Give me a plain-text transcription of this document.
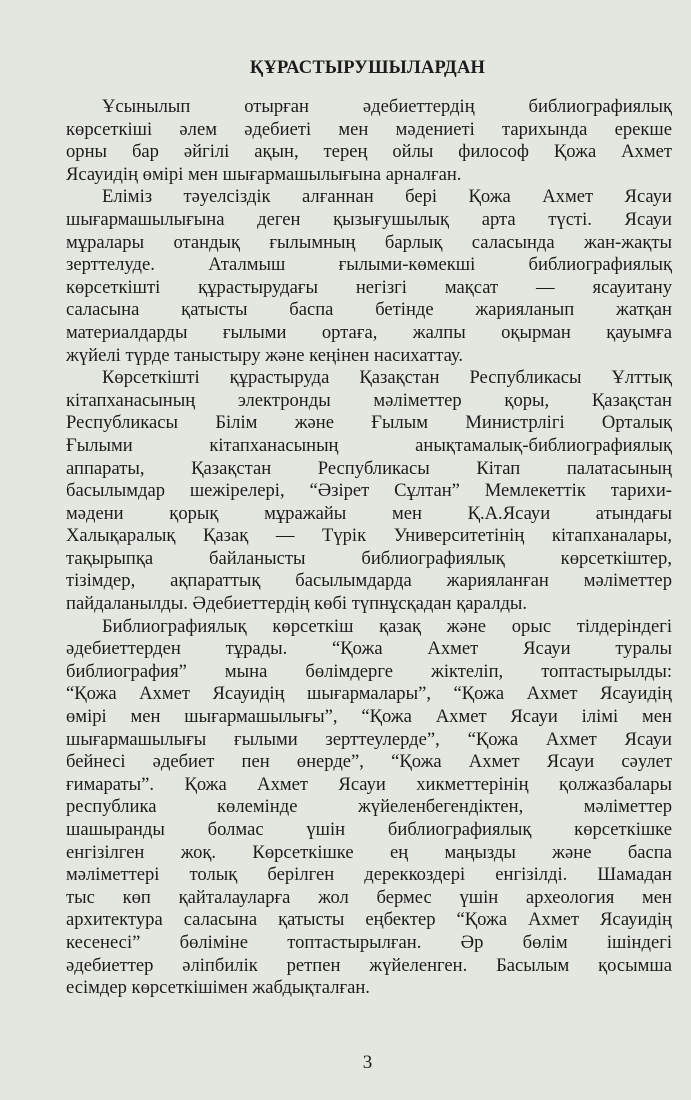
ҚҰРАСТЫРУШЫЛАРДАН
Ұсынылып отырған әдебиеттердің библиографиялық
көрсеткіші әлем әдебиеті мен мәдениеті тарихында ерекше
орны бар әйгілі ақын, терең ойлы философ Қожа Ахмет
Ясауидің өмірі мен шығармашылығына арналған.
Еліміз тәуелсіздік алғаннан бері Қожа Ахмет Ясауи
шығармашылығына деген қызығушылық арта түсті. Ясауи
мұралары отандық ғылымның барлық саласында жан-жақты
зерттелуде. Аталмыш ғылыми-көмекші библиографиялық
көрсеткішті құрастырудағы негізгі мақсат — ясауитану
саласына қатысты баспа бетінде жарияланып жатқан
материалдарды ғылыми ортаға, жалпы оқырман қауымға
жүйелі түрде таныстыру және кеңінен насихаттау.
Көрсеткішті құрастыруда Қазақстан Республикасы Ұлттық
кітапханасының электронды мәліметтер қоры, Қазақстан
Республикасы Білім және Ғылым Министрлігі Орталық
Ғылыми кітапханасының анықтамалық-библиографиялық
аппараты, Қазақстан Республикасы Кітап палатасының
басылымдар шежірелері, “Әзірет Сұлтан” Мемлекеттік тарихи-
мәдени қорық мұражайы мен Қ.А.Ясауи атындағы
Халықаралық Қазақ — Түрік Университетінің кітапханалары,
тақырыпқа байланысты библиографиялық көрсеткіштер,
тізімдер, ақпараттық басылымдарда жарияланған мәліметтер
пайдаланылды. Әдебиеттердің көбі түпнұсқадан қаралды.
Библиографиялық көрсеткіш қазақ және орыс тілдеріндегі
әдебиеттерден тұрады. “Қожа Ахмет Ясауи туралы
библиография” мына бөлімдерге жіктеліп, топтастырылды:
“Қожа Ахмет Ясауидің шығармалары”, “Қожа Ахмет Ясауидің
өмірі мен шығармашылығы”, “Қожа Ахмет Ясауи ілімі мен
шығармашылығы ғылыми зерттеулерде”, “Қожа Ахмет Ясауи
бейнесі әдебиет пен өнерде”, “Қожа Ахмет Ясауи сәулет
ғимараты”. Қожа Ахмет Ясауи хикметтерінің қолжазбалары
республика көлемінде жүйеленбегендіктен, мәліметтер
шашыранды болмас үшін библиографиялық көрсеткішке
енгізілген жоқ. Көрсеткішке ең маңызды және баспа
мәліметтері толық берілген дереккоздері енгізілді. Шамадан
тыс көп қайталауларға жол бермес үшін археология мен
архитектура саласына қатысты еңбектер “Қожа Ахмет Ясауидің
кесенесі” бөлiміне топтастырылған. Әр бөлім ішіндегі
әдебиеттер әліпбилік ретпен жүйеленген. Басылым қосымша
есімдер көрсеткішімен жабдықталған.
3
